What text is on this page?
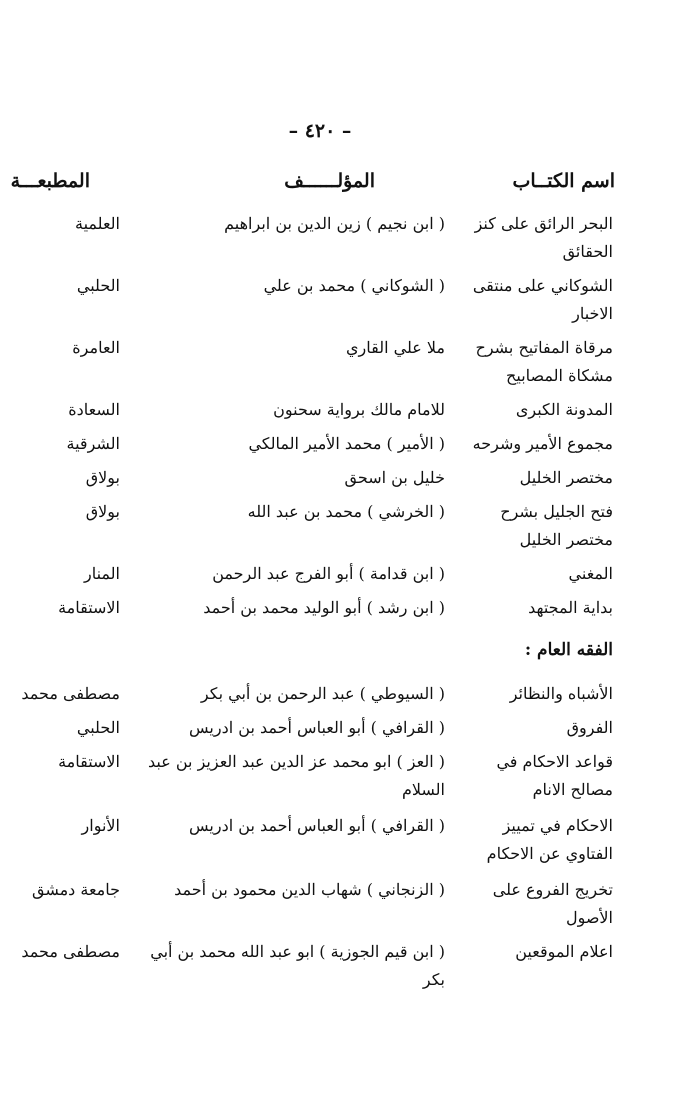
– ٤٢٠ –
اسم الكتــاب
المؤلــــــف
المطبعـــة
البحر الرائق على كنز الحقائق
( ابن نجيم ) زين الدين بن ابراهيم
العلمية
الشوكاني على منتقى الاخبار
( الشوكاني ) محمد بن علي
الحلبي
مرقاة المفاتيح بشرح مشكاة المصابيح
ملا علي القاري
العامرة
المدونة الكبرى
للامام مالك برواية سحنون
السعادة
مجموع الأمير وشرحه
( الأمير ) محمد الأمير المالكي
الشرقية
مختصر الخليل
خليل بن اسحق
بولاق
فتح الجليل بشرح مختصر الخليل
( الخرشي ) محمد بن عبد الله
بولاق
المغني
( ابن قدامة ) أبو الفرج عبد الرحمن
المنار
بداية المجتهد
( ابن رشد ) أبو الوليد محمد بن أحمد
الاستقامة
الفقه العام :
الأشباه والنظائر
( السيوطي ) عبد الرحمن بن أبي بكر
مصطفى محمد
الفروق
( القرافي ) أبو العباس أحمد بن ادريس
الحلبي
قواعد الاحكام في مصالح الانام
( العز ) ابو محمد عز الدين عبد العزيز بن عبد السلام
الاستقامة
الاحكام في تمييز الفتاوي عن الاحكام
( القرافي ) أبو العباس أحمد بن ادريس
الأنوار
تخريج الفروع على الأصول
( الزنجاني ) شهاب الدين محمود بن أحمد
جامعة دمشق
اعلام الموقعين
( ابن قيم الجوزية ) ابو عبد الله محمد بن أبي بكر
مصطفى محمد
